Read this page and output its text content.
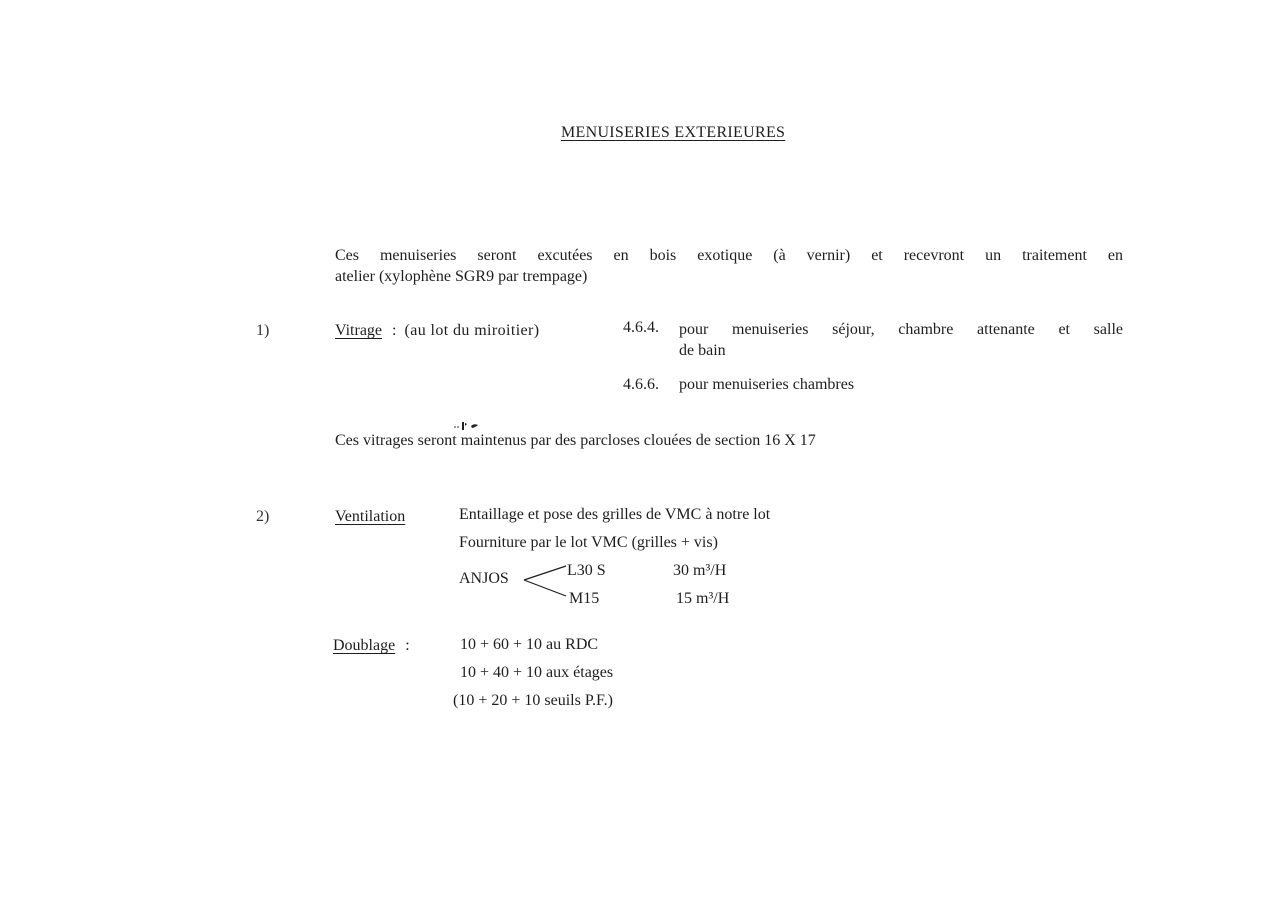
MENUISERIES EXTERIEURES
Ces menuiseries seront excutées en bois exotique (à vernir) et recevront un traitement en
atelier (xylophène SGR9 par trempage)
1)	Vitrage : (au lot du miroitier)	4.6.4. pour menuiseries séjour, chambre attenante et salle
de bain
4.6.6. pour menuiseries chambres
Ces vitrages seront maintenus par des parcloses clouées de section 16 X 17
2)	Ventilation	Entaillage et pose des grilles de VMC à notre lot
Fourniture par le lot VMC (grilles + vis)
ANJOS	L30 S	30 m³/H
M15	15 m³/H
Doublage :	10 + 60 + 10 au RDC
10 + 40 + 10 aux étages
(10 + 20 + 10 seuils P.F.)
